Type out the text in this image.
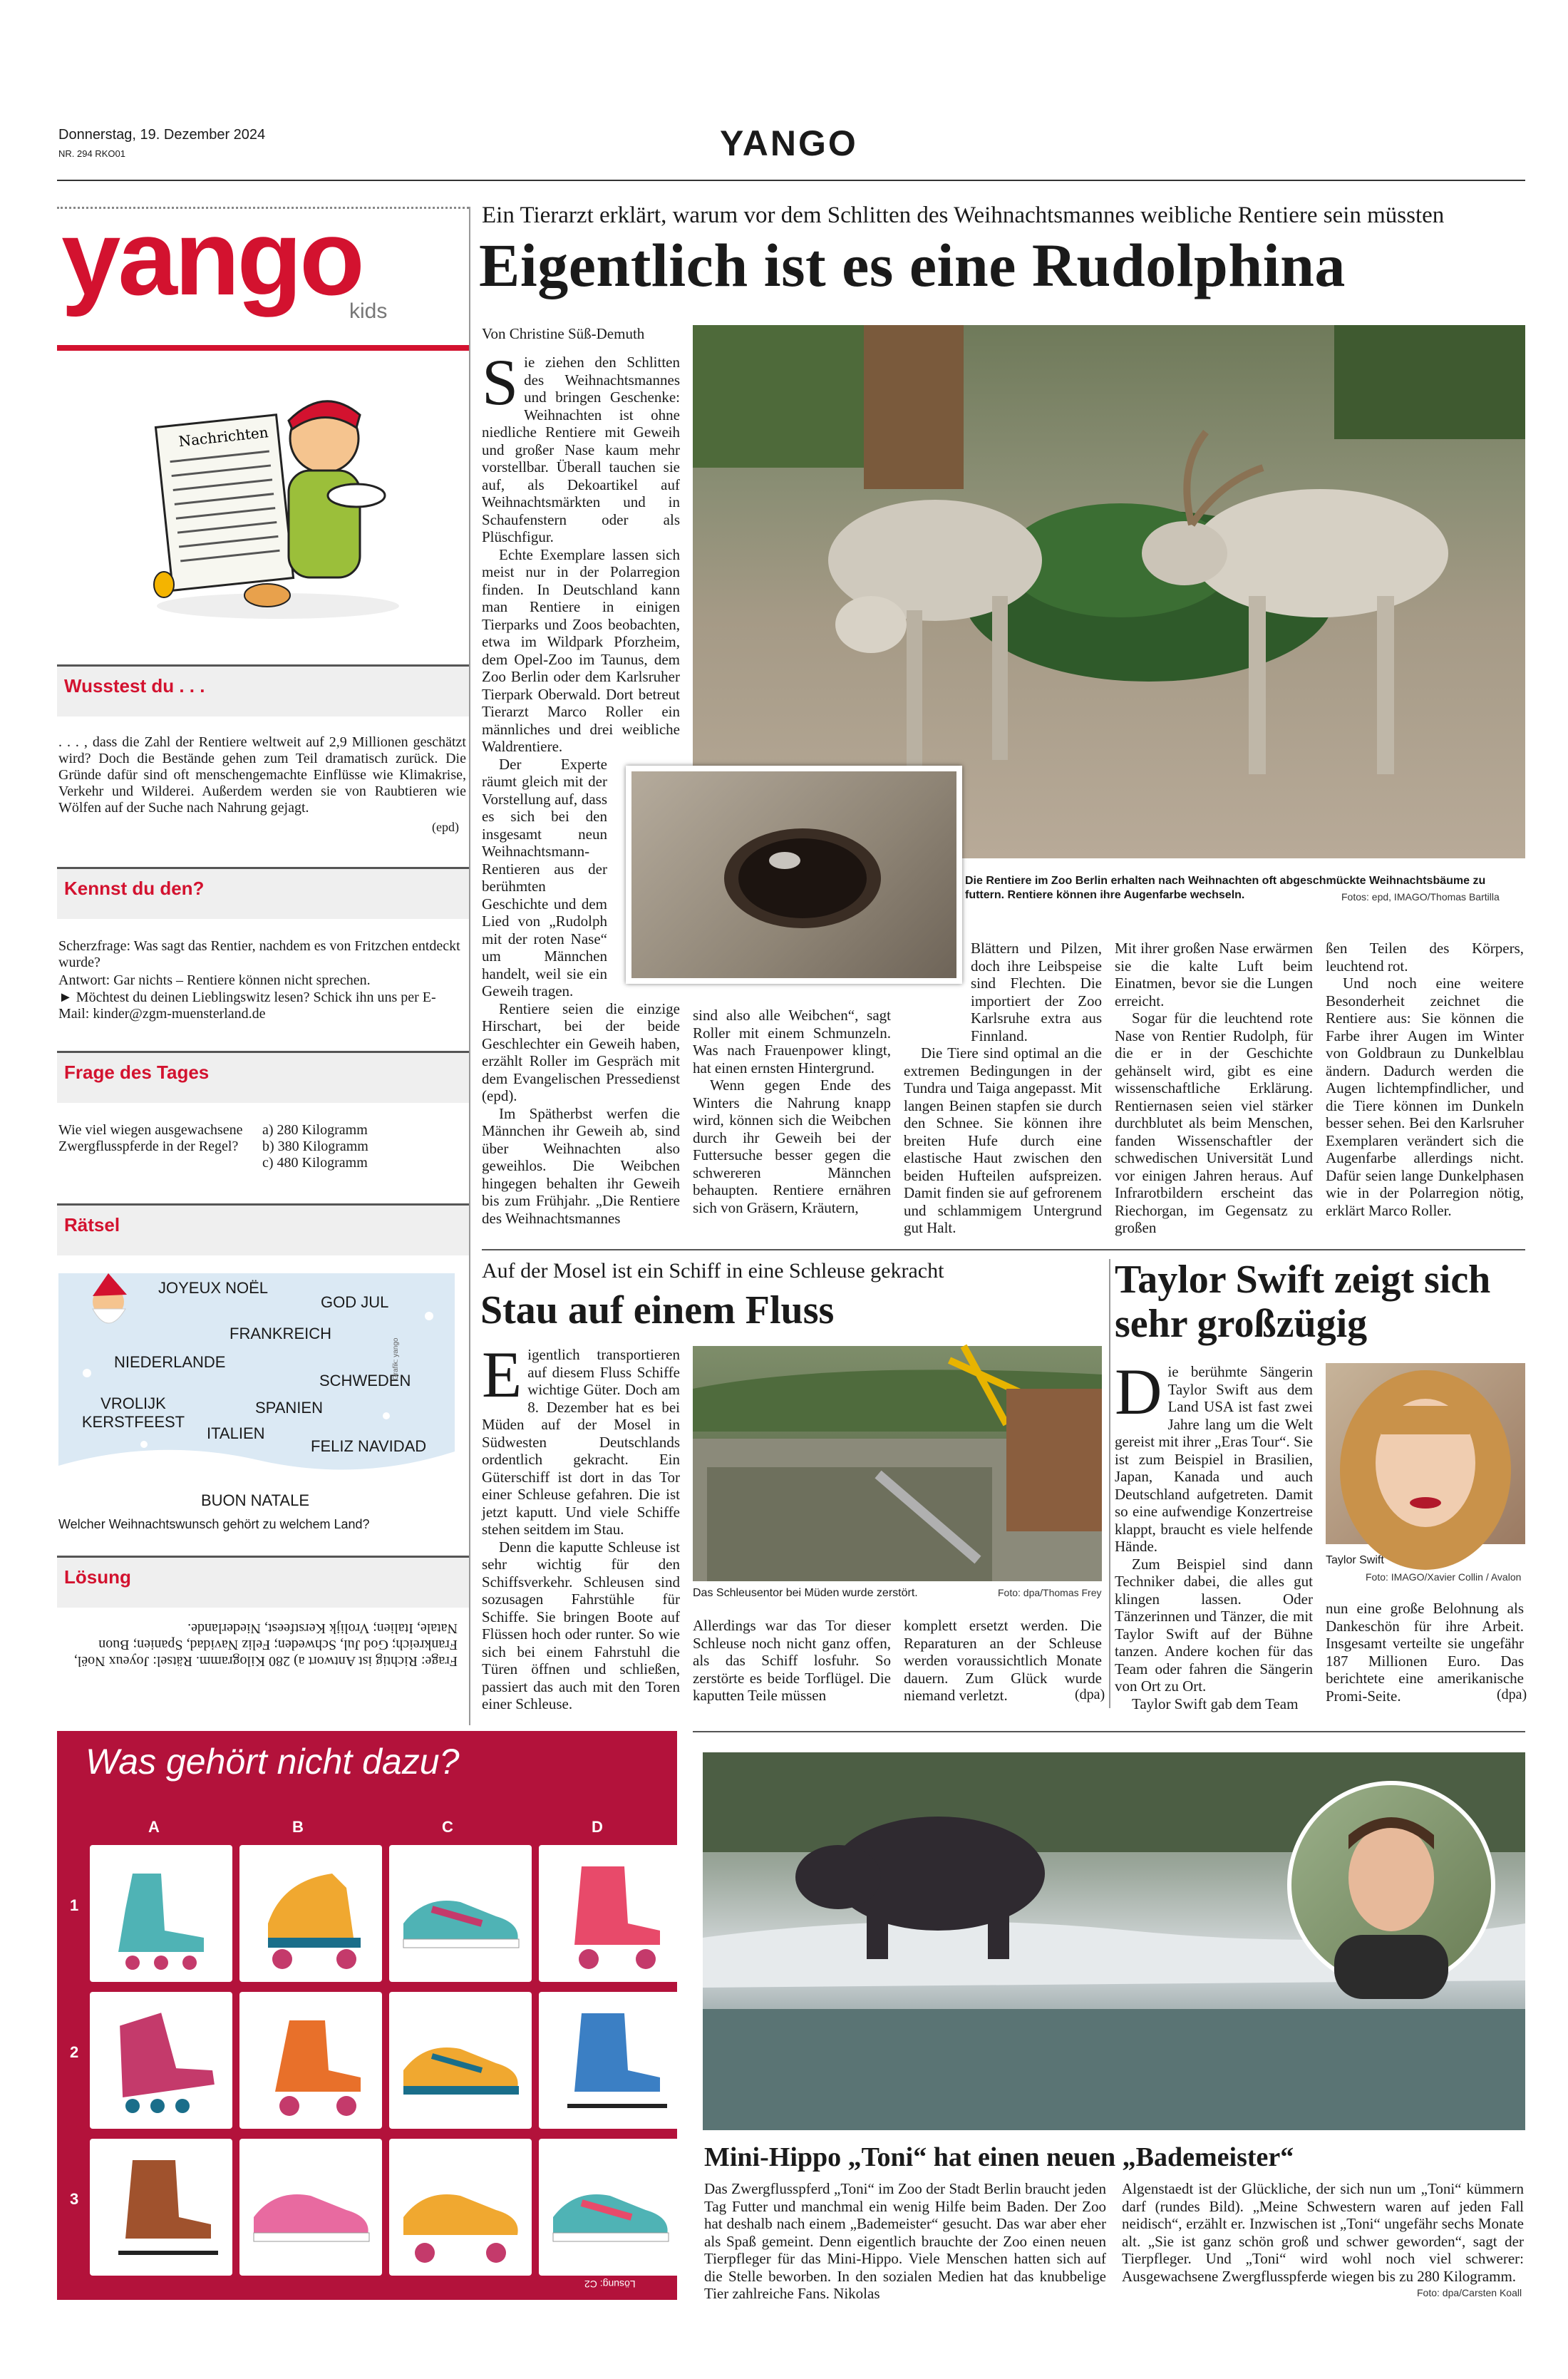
Donnerstag, 19. Dezember 2024
NR. 294 RKO01	YANGO
yango
kids
Nachrichten
Wusstest du . . .
. . . , dass die Zahl der Rentiere weltweit auf 2,9 Millionen geschätzt wird? Doch die Bestände gehen zum Teil dramatisch zurück. Die Gründe dafür sind oft menschengemachte Einflüsse wie Klimakrise, Verkehr und Wilderei. Außerdem werden sie von Raubtieren wie Wölfen auf der Suche nach Nahrung gejagt.
(epd)
Kennst du den?
Scherzfrage: Was sagt das Rentier, nachdem es von Fritzchen entdeckt wurde?
Antwort: Gar nichts – Rentiere können nicht sprechen.
► Möchtest du deinen Lieblingswitz lesen? Schick ihn uns per E-Mail: kinder@zgm-muensterland.de
Frage des Tages
Wie viel wiegen ausgewachsene Zwergflusspferde in der Regel?
a) 280 Kilogramm
b) 380 Kilogramm
c) 480 Kilogramm
Rätsel
JOYEUX NOËL
GOD JUL
FRANKREICH
NIEDERLANDE
SCHWEDEN
VROLIJK KERSTFEEST
SPANIEN
ITALIEN
FELIZ NAVIDAD
BUON NATALE
Grafik: yango
Welcher Weihnachtswunsch gehört zu welchem Land?
Lösung
Frage: Richtig ist Antwort a) 280 Kilogramm. Rätsel: Joyeux Noël, Frankreich; God Jul, Schweden; Feliz Navidad, Spanien; Buon Natale, Italien; Vrolijk Kerstfeest, Niederlande.
Ein Tierarzt erklärt, warum vor dem Schlitten des Weihnachtsmannes weibliche Rentiere sein müssten
Eigentlich ist es eine Rudolphina
Von Christine Süß-Demuth

Sie ziehen den Schlitten des Weihnachtsmannes und bringen Geschenke: Weihnachten ist ohne niedliche Rentiere mit Geweih und großer Nase kaum mehr vorstellbar. Überall tauchen sie auf, als Dekoartikel auf Weihnachtsmärkten und in Schaufenstern oder als Plüschfigur.

Echte Exemplare lassen sich meist nur in der Polarregion finden. In Deutschland kann man Rentiere in einigen Tierparks und Zoos beobachten, etwa im Wildpark Pforzheim, dem Opel-Zoo im Taunus, dem Zoo Berlin oder dem Karlsruher Tierpark Oberwald. Dort betreut Tierarzt Marco Roller ein männliches und drei weibliche Waldrentiere.

Der Experte räumt gleich mit der Vorstellung auf, dass es sich bei den insgesamt neun Weihnachtsmann-Rentieren aus der berühmten Geschichte und dem Lied von „Rudolph mit der roten Nase“ um Männchen handelt, weil sie ein Geweih tragen.

Rentiere seien die einzige Hirschart, bei der beide Geschlechter ein Geweih haben, erzählt Roller im Gespräch mit dem Evangelischen Pressedienst (epd).

Im Spätherbst werfen die Männchen ihr Geweih ab, sind über Weihnachten also geweihlos. Die Weibchen hingegen behalten ihr Geweih bis zum Frühjahr. „Die Rentiere des Weihnachtsmannes

Die Rentiere im Zoo Berlin erhalten nach Weihnachten oft abgeschmückte Weihnachtsbäume zu futtern. Rentiere können ihre Augenfarbe wechseln.	Fotos: epd, IMAGO/Thomas Bartilla

sind also alle Weibchen“, sagt Roller mit einem Schmunzeln. Was nach Frauenpower klingt, hat einen ernsten Hintergrund.

Wenn gegen Ende des Winters die Nahrung knapp wird, können sich die Weibchen durch ihr Geweih bei der Futtersuche besser gegen die schwereren Männchen behaupten. Rentiere ernähren sich von Gräsern, Kräutern,

Blättern und Pilzen, doch ihre Leibspeise sind Flechten. Die importiert der Zoo Karlsruhe extra aus Finnland.

Die Tiere sind optimal an die extremen Bedingungen in der Tundra und Taiga angepasst. Mit langen Beinen stapfen sie durch den Schnee. Sie können ihre breiten Hufe durch eine elastische Haut zwischen den beiden Hufteilen aufspreizen. Damit finden sie auf gefrorenem und schlammigem Untergrund gut Halt.

Mit ihrer großen Nase erwärmen sie die kalte Luft beim Einatmen, bevor sie die Lungen erreicht.

Sogar für die leuchtend rote Nase von Rentier Rudolph, für die er in der Geschichte gehänselt wird, gibt es eine wissenschaftliche Erklärung. Rentiernasen seien viel stärker durchblutet als beim Menschen, fanden Wissenschaftler der schwedischen Universität Lund vor einigen Jahren heraus. Auf Infrarotbildern erscheint das Riechorgan, im Gegensatz zu großen

ßen Teilen des Körpers, leuchtend rot.

Und noch eine weitere Besonderheit zeichnet die Rentiere aus: Sie können die Farbe ihrer Augen im Winter von Goldbraun zu Dunkelblau ändern. Dadurch werden die Augen lichtempfindlicher, und die Tiere können im Dunkeln besser sehen. Bei den Karlsruher Exemplaren verändert sich die Augenfarbe allerdings nicht. Dafür seien lange Dunkelphasen wie in der Polarregion nötig, erklärt Marco Roller.

Auf der Mosel ist ein Schiff in eine Schleuse gekracht
Stau auf einem Fluss

Eigentlich transportieren auf diesem Fluss Schiffe wichtige Güter. Doch am 8. Dezember hat es bei Müden auf der Mosel in Südwesten Deutschlands ordentlich gekracht. Ein Güterschiff ist dort in das Tor einer Schleuse gefahren. Die ist jetzt kaputt. Und viele Schiffe stehen seitdem im Stau.

Denn die kaputte Schleuse ist sehr wichtig für den Schiffsverkehr. Schleusen sind sozusagen Fahrstühle für Schiffe. Sie bringen Boote auf Flüssen hoch oder runter. So wie sich bei einem Fahrstuhl die Türen öffnen und schließen, passiert das auch mit den Toren einer Schleuse.

Das Schleusentor bei Müden wurde zerstört.	Foto: dpa/Thomas Frey

Allerdings war das Tor dieser Schleuse noch nicht ganz offen, als das Schiff losfuhr. So zerstörte es beide Torflügel. Die kaputten Teile müssen

komplett ersetzt werden. Die Reparaturen an der Schleuse werden voraussichtlich Monate dauern. Zum Glück wurde niemand verletzt.	(dpa)
Taylor Swift zeigt sich sehr großzügig

Die berühmte Sängerin Taylor Swift aus dem Land USA ist fast zwei Jahre lang um die Welt gereist mit ihrer „Eras Tour“. Sie ist zum Beispiel in Brasilien, Japan, Kanada und auch Deutschland aufgetreten. Damit so eine aufwendige Konzertreise klappt, braucht es viele helfende Hände.

Zum Beispiel sind dann Techniker dabei, die alles gut klingen lassen. Oder Tänzerinnen und Tänzer, die mit Taylor Swift auf der Bühne tanzen. Andere kochen für das Team oder fahren die Sängerin von Ort zu Ort.

Taylor Swift gab dem Team

Taylor Swift
Foto: IMAGO/Xavier Collin / Avalon

nun eine große Belohnung als Dankeschön für ihre Arbeit. Insgesamt verteilte sie ungefähr 187 Millionen Euro. Das berichtete eine amerikanische Promi-Seite.	(dpa)
Was gehört nicht dazu?
A	B	C	D
1
2
3
Lösung: C2
Mini-Hippo „Toni“ hat einen neuen „Bademeister“

Das Zwergflusspferd „Toni“ im Zoo der Stadt Berlin braucht jeden Tag Futter und manchmal ein wenig Hilfe beim Baden. Der Zoo hat deshalb nach einem „Bademeister“ gesucht. Das war aber eher als Spaß gemeint. Denn eigentlich brauchte der Zoo einen neuen Tierpfleger für das Mini-Hippo. Viele Menschen hatten sich auf die Stelle beworben. In den sozialen Medien hat das knubbelige Tier zahlreiche Fans. Nikolas

Algenstaedt ist der Glückliche, der sich nun um „Toni“ kümmern darf (rundes Bild). „Meine Schwestern waren auf jeden Fall neidisch“, erzählt er. Inzwischen ist „Toni“ ungefähr sechs Monate alt. „Sie ist ganz schön groß und schwer geworden“, sagt der Tierpfleger. Und „Toni“ wird wohl noch viel schwerer: Ausgewachsene Zwergflusspferde wiegen bis zu 280 Kilogramm.

Foto: dpa/Carsten Koall
